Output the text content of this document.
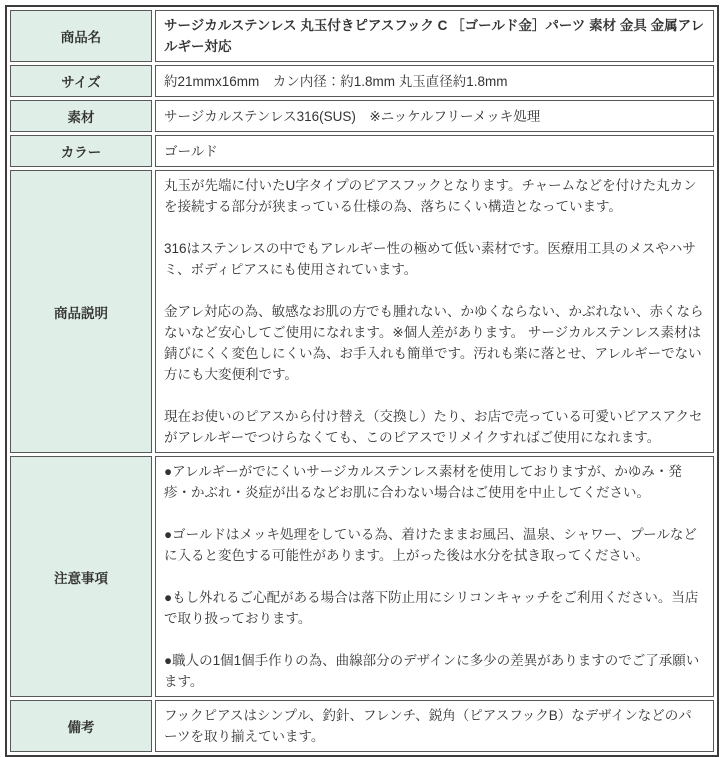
商品名	サージカルステンレス 丸玉付きピアスフック C ［ゴールド金］パーツ 素材 金具 金属アレルギー対応

サイズ	約21mmx16mm　カン内径：約1.8mm 丸玉直径約1.8mm

素材	サージカルステンレス316(SUS)　※ニッケルフリーメッキ処理

カラー	ゴールド

商品説明	丸玉が先端に付いたU字タイプのピアスフックとなります。チャームなどを付けた丸カンを接続する部分が狭まっている仕様の為、落ちにくい構造となっています。

316はステンレスの中でもアレルギー性の極めて低い素材です。医療用工具のメスやハサミ、ボディピアスにも使用されています。

金アレ対応の為、敏感なお肌の方でも腫れない、かゆくならない、かぶれない、赤くならないなど安心してご使用になれます。※個人差があります。 サージカルステンレス素材は錆びにくく変色しにくい為、お手入れも簡単です。汚れも楽に落とせ、アレルギーでない方にも大変便利です。

現在お使いのピアスから付け替え（交換し）たり、お店で売っている可愛いピアスアクセがアレルギーでつけらなくても、このピアスでリメイクすればご使用になれます。

注意事項	●アレルギーがでにくいサージカルステンレス素材を使用しておりますが、かゆみ・発疹・かぶれ・炎症が出るなどお肌に合わない場合はご使用を中止してください。

●ゴールドはメッキ処理をしている為、着けたままお風呂、温泉、シャワー、プールなどに入ると変色する可能性があります。上がった後は水分を拭き取ってください。

●もし外れるご心配がある場合は落下防止用にシリコンキャッチをご利用ください。当店で取り扱っております。

●職人の1個1個手作りの為、曲線部分のデザインに多少の差異がありますのでご了承願います。

備考	フックピアスはシンプル、釣針、フレンチ、鋭角（ピアスフックB）なデザインなどのパーツを取り揃えています。
